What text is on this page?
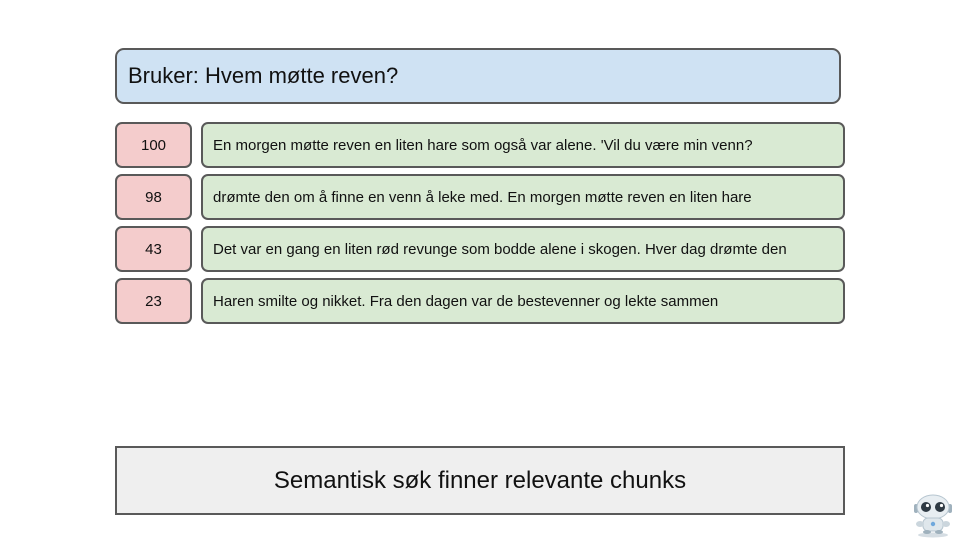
Bruker: Hvem møtte reven?
100	En morgen møtte reven en liten hare som også var alene. 'Vil du være min venn?
98	drømte den om å finne en venn å leke med. En morgen møtte reven en liten hare
43	Det var en gang en liten rød revunge som bodde alene i skogen. Hver dag drømte den
23	Haren smilte og nikket. Fra den dagen var de bestevenner og lekte sammen
Semantisk søk finner relevante chunks
